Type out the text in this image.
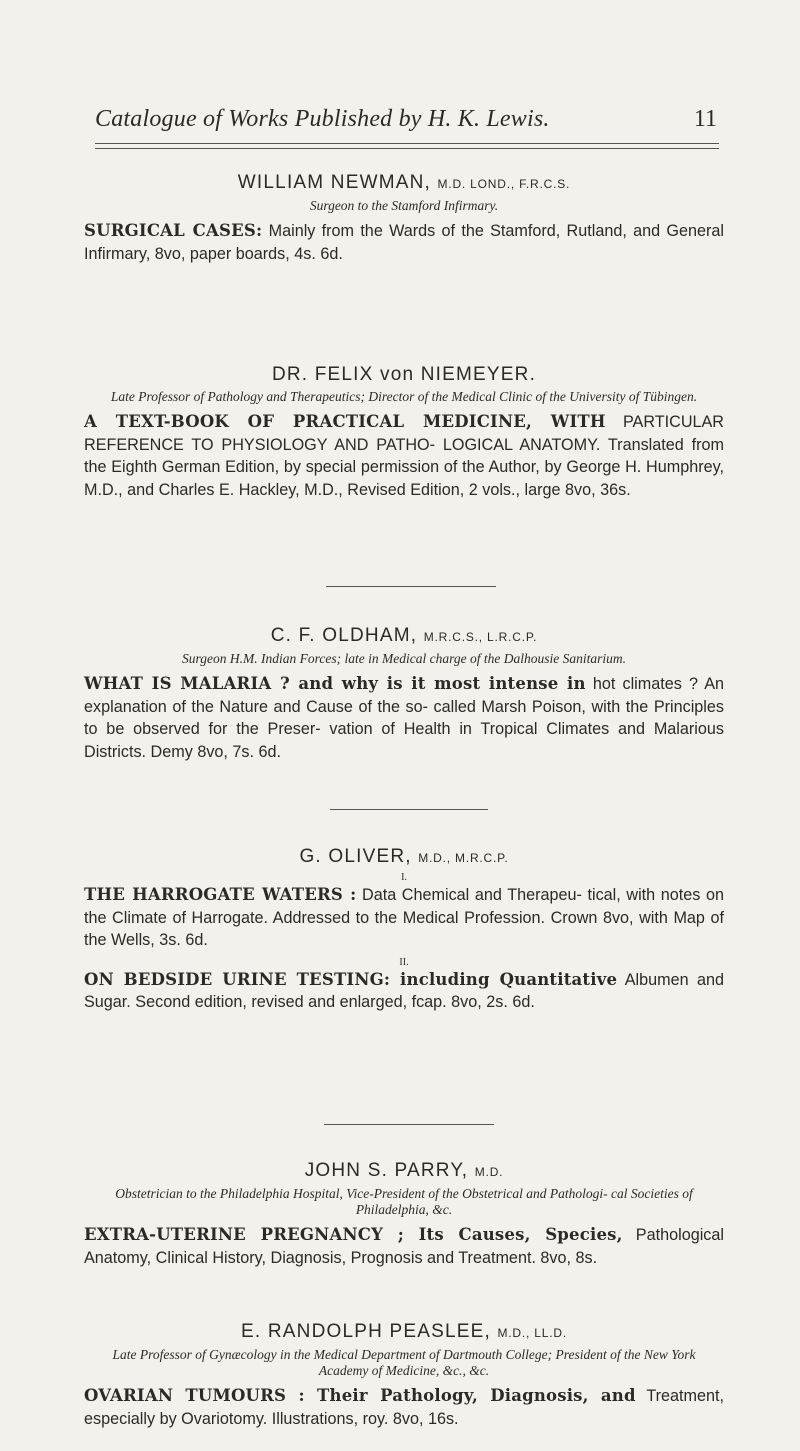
Catalogue of Works Published by H. K. Lewis.	11
WILLIAM NEWMAN, M.D. LOND., F.R.C.S.
Surgeon to the Stamford Infirmary.
SURGICAL CASES: Mainly from the Wards of the Stamford, Rutland, and General Infirmary, 8vo, paper boards, 4s. 6d.
DR. FELIX von NIEMEYER.
Late Professor of Pathology and Therapeutics; Director of the Medical Clinic of the University of Tübingen.
A TEXT-BOOK OF PRACTICAL MEDICINE, WITH PARTICULAR REFERENCE TO PHYSIOLOGY AND PATHO- LOGICAL ANATOMY. Translated from the Eighth German Edition, by special permission of the Author, by George H. Humphrey, M.D., and Charles E. Hackley, M.D., Revised Edition, 2 vols., large 8vo, 36s.
C. F. OLDHAM, M.R.C.S., L.R.C.P.
Surgeon H.M. Indian Forces; late in Medical charge of the Dalhousie Sanitarium.
WHAT IS MALARIA ? and why is it most intense in hot climates ? An explanation of the Nature and Cause of the so- called Marsh Poison, with the Principles to be observed for the Preser- vation of Health in Tropical Climates and Malarious Districts. Demy 8vo, 7s. 6d.
G. OLIVER, M.D., M.R.C.P.
I.
THE HARROGATE WATERS : Data Chemical and Therapeu- tical, with notes on the Climate of Harrogate. Addressed to the Medical Profession. Crown 8vo, with Map of the Wells, 3s. 6d.
II.
ON BEDSIDE URINE TESTING: including Quantitative Albumen and Sugar. Second edition, revised and enlarged, fcap. 8vo, 2s. 6d.
JOHN S. PARRY, M.D.
Obstetrician to the Philadelphia Hospital, Vice-President of the Obstetrical and Pathologi- cal Societies of Philadelphia, &c.
EXTRA-UTERINE PREGNANCY ; Its Causes, Species, Pathological Anatomy, Clinical History, Diagnosis, Prognosis and Treatment. 8vo, 8s.
E. RANDOLPH PEASLEE, M.D., LL.D.
Late Professor of Gynæcology in the Medical Department of Dartmouth College; President of the New York Academy of Medicine, &c., &c.
OVARIAN TUMOURS : Their Pathology, Diagnosis, and Treatment, especially by Ovariotomy. Illustrations, roy. 8vo, 16s.
